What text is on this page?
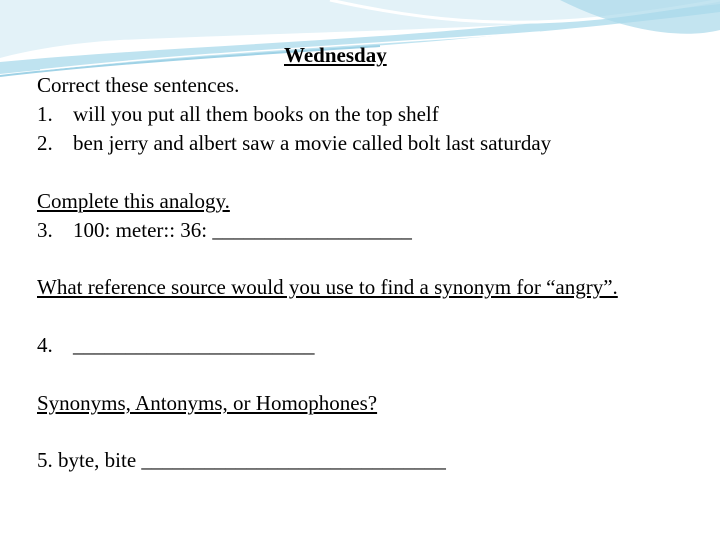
Wednesday
Correct these sentences.
1. will you put all them books on the top shelf
2. ben jerry and albert saw a movie called bolt last saturday
Complete this analogy.
3. 100: meter:: 36: ___________________
What reference source would you use to find a synonym for “angry”.
4. _______________________
Synonyms, Antonyms, or Homophones?
5. byte, bite _____________________________
